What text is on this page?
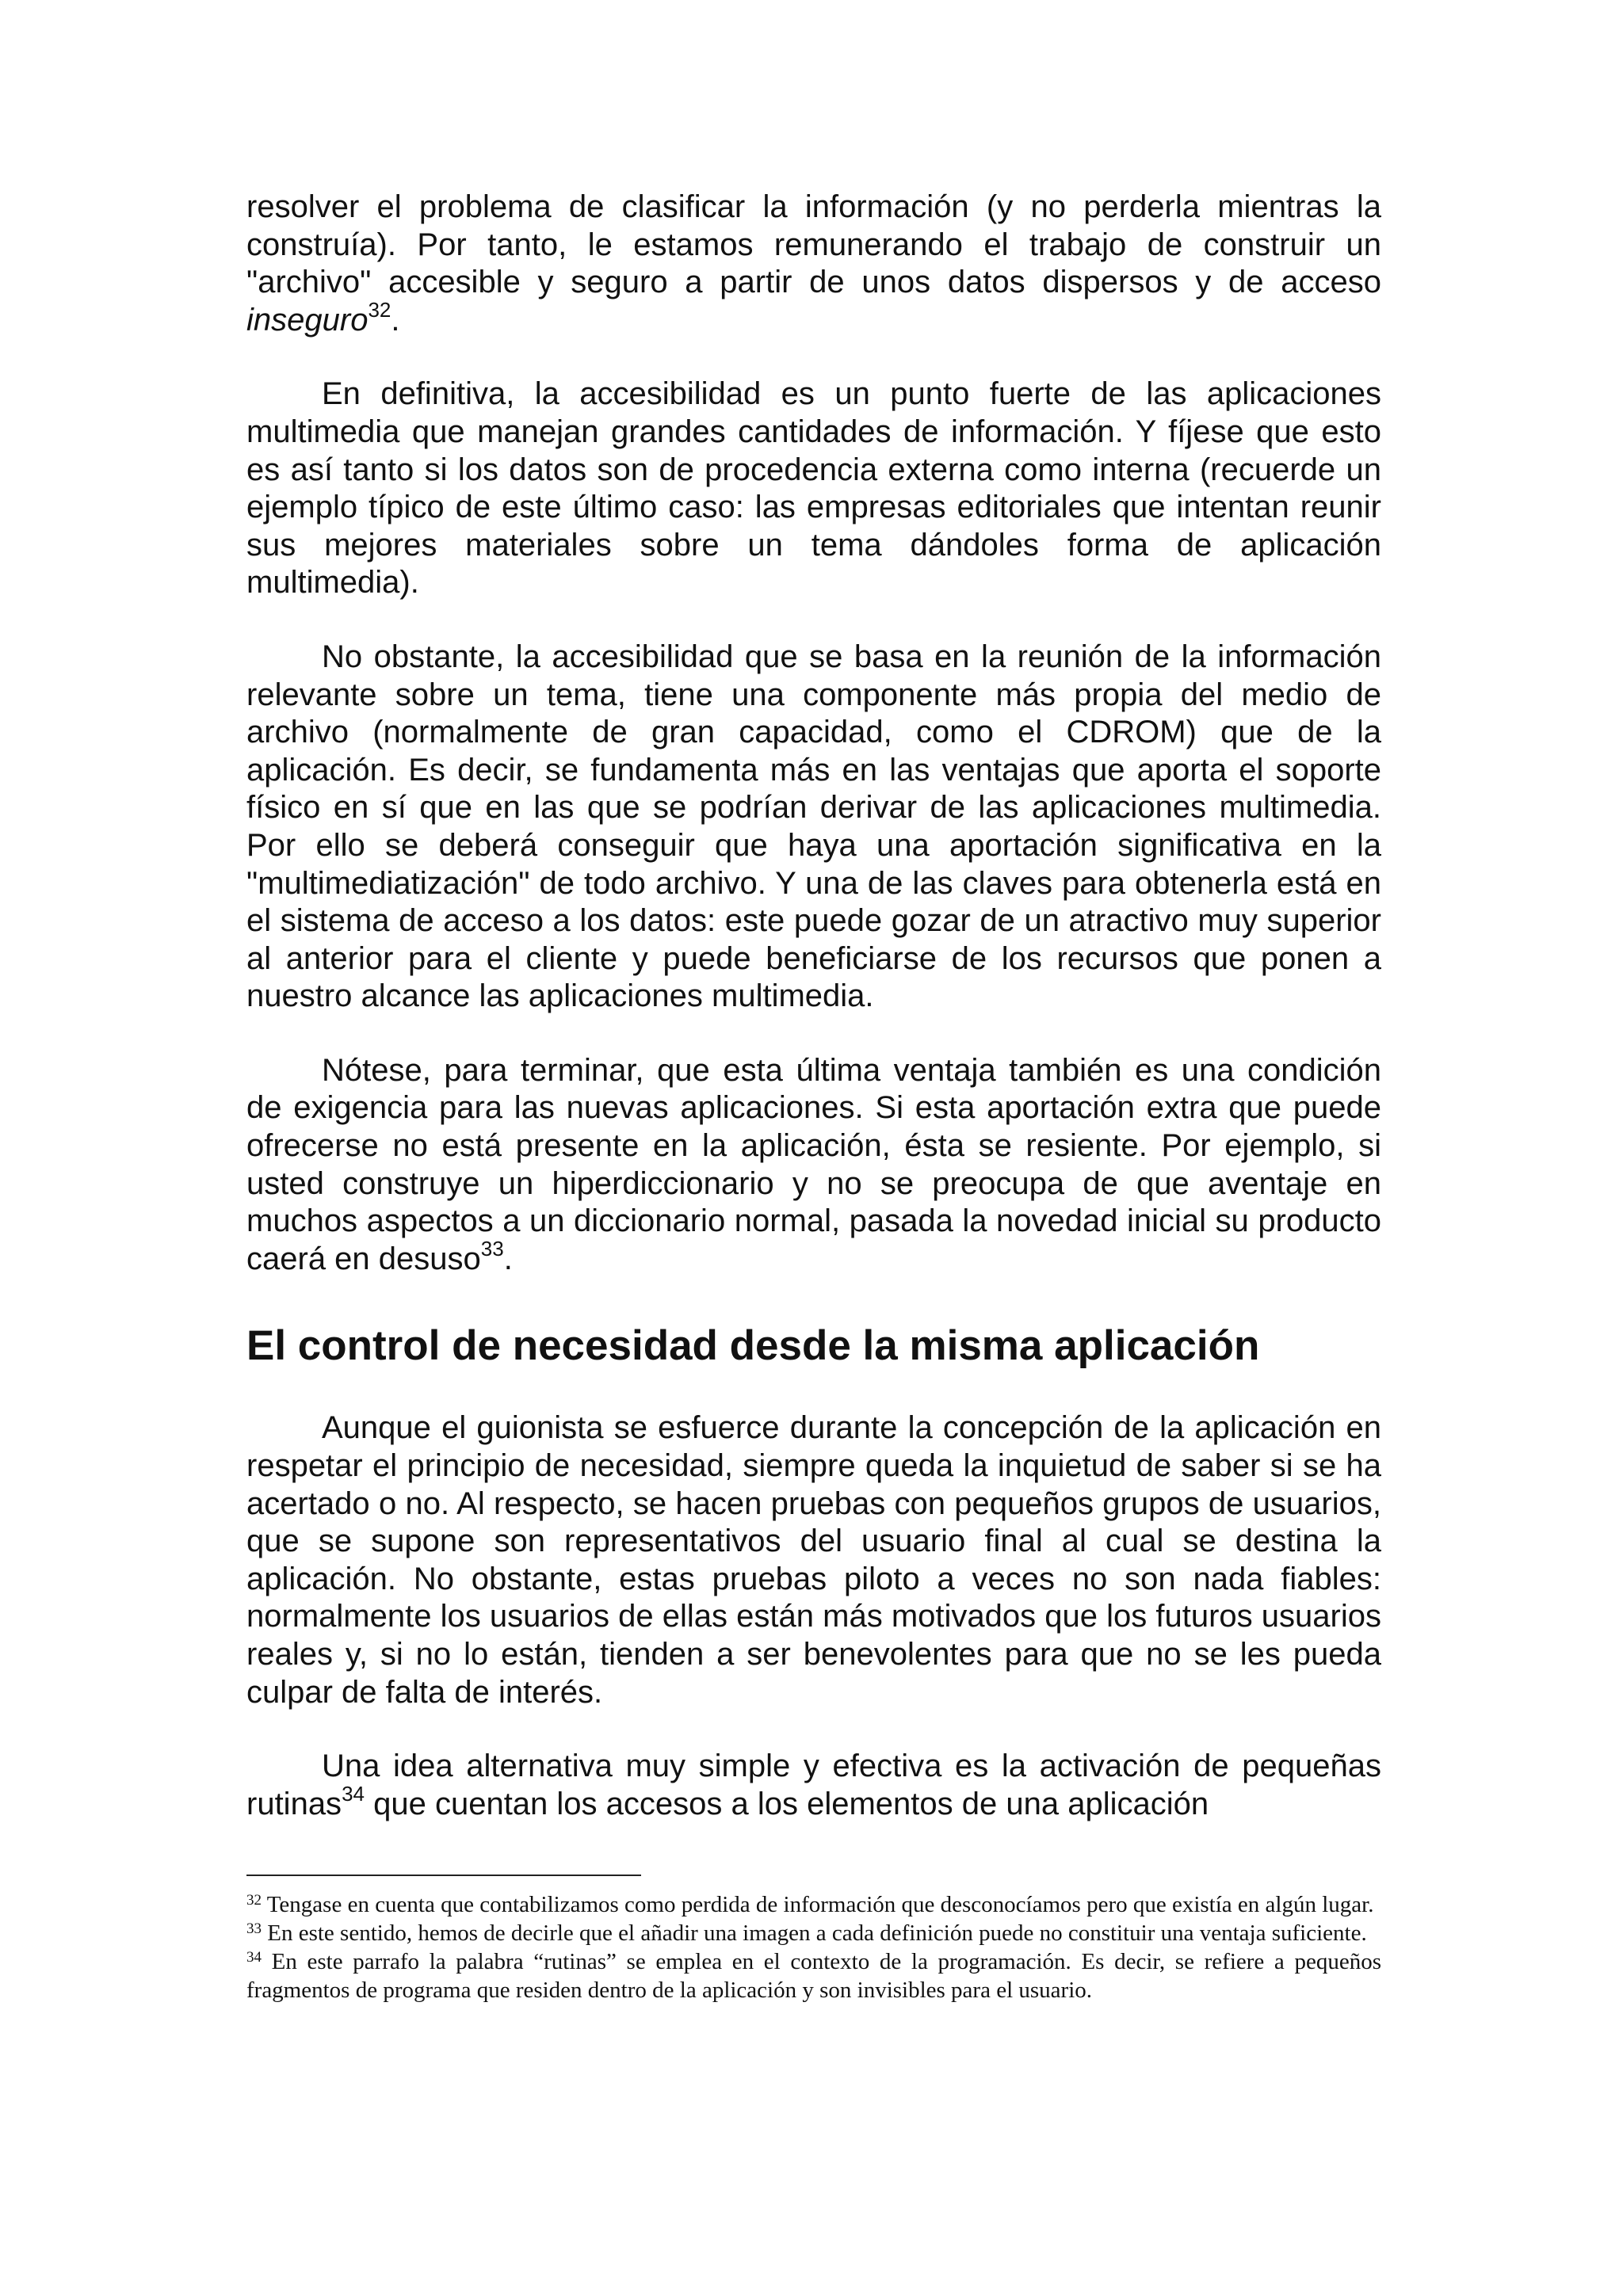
resolver el problema de clasificar la información (y no perderla mientras la construía). Por tanto, le estamos remunerando el trabajo de construir un "archivo" accesible y seguro a partir de unos datos dispersos y de acceso inseguro$^{32}$.

En definitiva, la accesibilidad es un punto fuerte de las aplicaciones multimedia que manejan grandes cantidades de información. Y fíjese que esto es así tanto si los datos son de procedencia externa como interna (recuerde un ejemplo típico de este último caso: las empresas editoriales que intentan reunir sus mejores materiales sobre un tema dándoles forma de aplicación multimedia).

No obstante, la accesibilidad que se basa en la reunión de la información relevante sobre un tema, tiene una componente más propia del medio de archivo (normalmente de gran capacidad, como el CDROM) que de la aplicación. Es decir, se fundamenta más en las ventajas que aporta el soporte físico en sí que en las que se podrían derivar de las aplicaciones multimedia. Por ello se deberá conseguir que haya una aportación significativa en la "multimediatización" de todo archivo. Y una de las claves para obtenerla está en el sistema de acceso a los datos: este puede gozar de un atractivo muy superior al anterior para el cliente y puede beneficiarse de los recursos que ponen a nuestro alcance las aplicaciones multimedia.

Nótese, para terminar, que esta última ventaja también es una condición de exigencia para las nuevas aplicaciones. Si esta aportación extra que puede ofrecerse no está presente en la aplicación, ésta se resiente. Por ejemplo, si usted construye un hiperdiccionario y no se preocupa de que aventaje en muchos aspectos a un diccionario normal, pasada la novedad inicial su producto caerá en desuso$^{33}$.

El control de necesidad desde la misma aplicación

Aunque el guionista se esfuerce durante la concepción de la aplicación en respetar el principio de necesidad, siempre queda la inquietud de saber si se ha acertado o no. Al respecto, se hacen pruebas con pequeños grupos de usuarios, que se supone son representativos del usuario final al cual se destina la aplicación. No obstante, estas pruebas piloto a veces no son nada fiables: normalmente los usuarios de ellas están más motivados que los futuros usuarios reales y, si no lo están, tienden a ser benevolentes para que no se les pueda culpar de falta de interés.

Una idea alternativa muy simple y efectiva es la activación de pequeñas rutinas$^{34}$ que cuentan los accesos a los elementos de una aplicación

$^{32}$ Tengase en cuenta que contabilizamos como perdida de información que desconocíamos pero que existía en algún lugar.

$^{33}$ En este sentido, hemos de decirle que el añadir una imagen a cada definición puede no constituir una ventaja suficiente.

$^{34}$ En este parrafo la palabra “rutinas” se emplea en el contexto de la programación. Es decir, se refiere a pequeños fragmentos de programa que residen dentro de la aplicación y son invisibles para el usuario.
